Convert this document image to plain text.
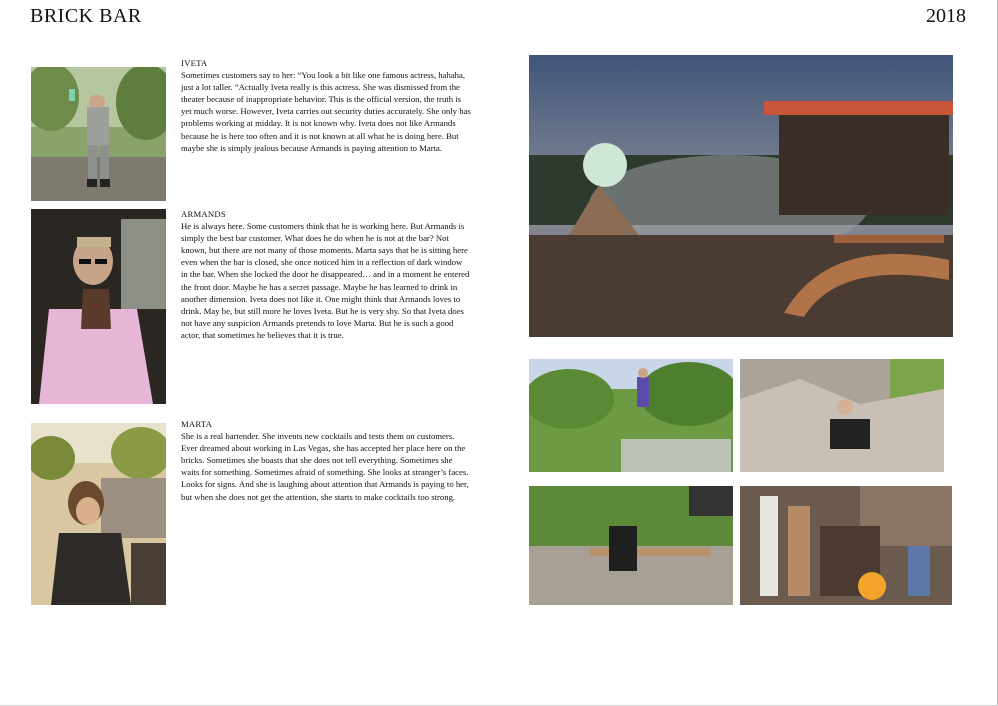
BRICK BAR	2018
IVETA

Sometimes customers say to her: “You look a bit like one famous actress, hahaha, just a lot taller. ”Actually Iveta really is this actress. She was dismissed from the theater because of inappropriate behavior. This is the official version, the truth is yet much worse. However, Iveta carries out security duties accurately. She only has problems working at midday. It is not known why. Iveta does not like Armands because he is here too often and it is not known at all what he is doing here. But maybe she is simply jealous because Armands is paying attention to Marta.

ARMANDS

He is always here. Some customers think that he is working here. But Armands is simply the best bar customer. What does he do when he is not at the bar? Not known, but there are not many of those moments. Marta says that he is sitting here even when the bar is closed, she once noticed him in a reflection of dark window in the bar. When she locked the door he disappeared… and in a moment he entered the front door. Maybe he has a secret passage. Maybe he has learned to drink in another dimension. Iveta does not like it. One might think that Armands loves to drink. May be, but still more he loves Iveta. But he is very shy. So that Iveta does not have any suspicion Armands pretends to love Marta. But he is such a good actor, that sometimes he believes that it is true.

MARTA

She is a real bartender. She invents new cocktails and tests them on customers. Ever dreamed about working in Las Vegas, she has accepted her place here on the bricks. Sometimes she boasts that she does not tell everything. Sometimes she waits for something. Sometimes afraid of something. She looks at stranger’s faces. Looks for signs. And she is laughing about attention that Armands is paying to her, but when she does not get the attention, she starts to make cocktails too strong.
